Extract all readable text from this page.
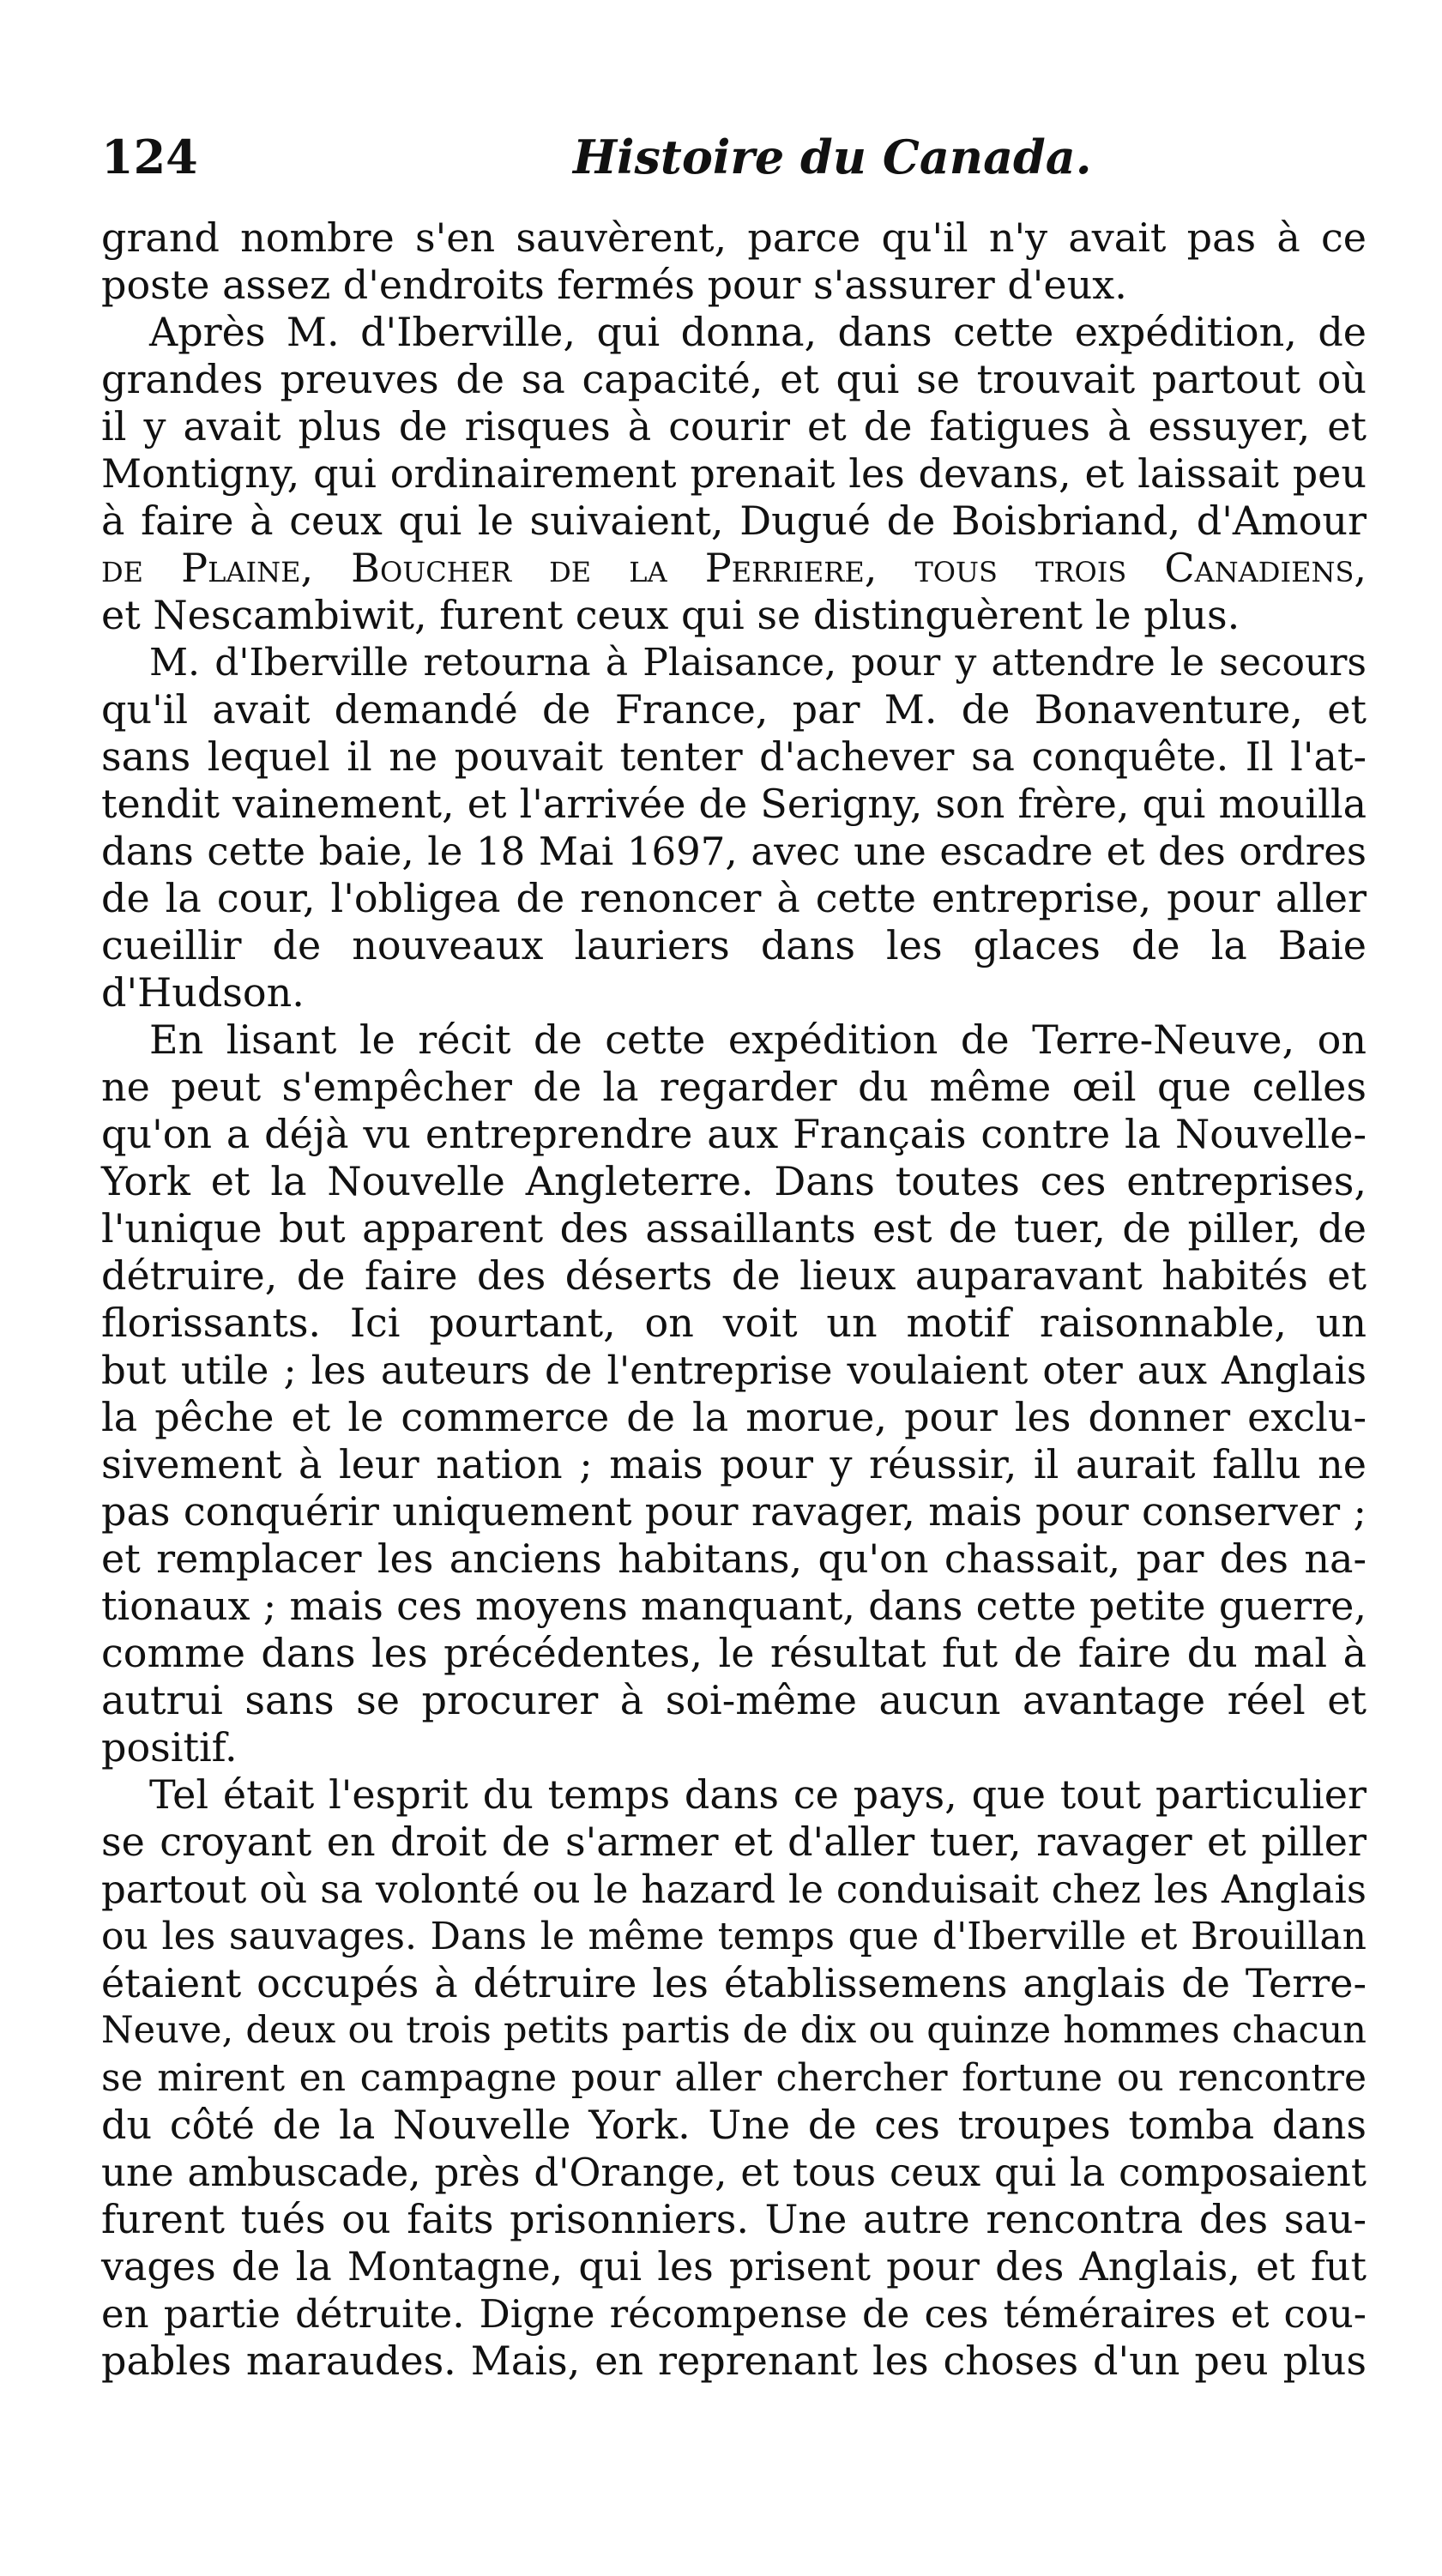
124	Histoire du Canada.
grand nombre s'en sauvèrent, parce qu'il n'y avait pas à ce
poste assez d'endroits fermés pour s'assurer d'eux.
Après M. d'Iberville, qui donna, dans cette expédition, de
grandes preuves de sa capacité, et qui se trouvait partout où
il y avait plus de risques à courir et de fatigues à essuyer, et
Montigny, qui ordinairement prenait les devans, et laissait peu
à faire à ceux qui le suivaient, Dugué de Boisbriand, d'Amour
de Plaine, Boucher de la Perriere, tous trois Canadiens,
et Nescambiwit, furent ceux qui se distinguèrent le plus.
M. d'Iberville retourna à Plaisance, pour y attendre le secours
qu'il avait demandé de France, par M. de Bonaventure, et
sans lequel il ne pouvait tenter d'achever sa conquête. Il l'at-
tendit vainement, et l'arrivée de Serigny, son frère, qui mouilla
dans cette baie, le 18 Mai 1697, avec une escadre et des ordres
de la cour, l'obligea de renoncer à cette entreprise, pour aller
cueillir de nouveaux lauriers dans les glaces de la Baie
d'Hudson.
En lisant le récit de cette expédition de Terre-Neuve, on
ne peut s'empêcher de la regarder du même œil que celles
qu'on a déjà vu entreprendre aux Français contre la Nouvelle-
York et la Nouvelle Angleterre. Dans toutes ces entreprises,
l'unique but apparent des assaillants est de tuer, de piller, de
détruire, de faire des déserts de lieux auparavant habités et
florissants. Ici pourtant, on voit un motif raisonnable, un
but utile ; les auteurs de l'entreprise voulaient oter aux Anglais
la pêche et le commerce de la morue, pour les donner exclu-
sivement à leur nation ; mais pour y réussir, il aurait fallu ne
pas conquérir uniquement pour ravager, mais pour conserver ;
et remplacer les anciens habitans, qu'on chassait, par des na-
tionaux ; mais ces moyens manquant, dans cette petite guerre,
comme dans les précédentes, le résultat fut de faire du mal à
autrui sans se procurer à soi-même aucun avantage réel et
positif.
Tel était l'esprit du temps dans ce pays, que tout particulier
se croyant en droit de s'armer et d'aller tuer, ravager et piller
partout où sa volonté ou le hazard le conduisait chez les Anglais
ou les sauvages. Dans le même temps que d'Iberville et Brouillan
étaient occupés à détruire les établissemens anglais de Terre-
Neuve, deux ou trois petits partis de dix ou quinze hommes chacun
se mirent en campagne pour aller chercher fortune ou rencontre
du côté de la Nouvelle York. Une de ces troupes tomba dans
une ambuscade, près d'Orange, et tous ceux qui la composaient
furent tués ou faits prisonniers. Une autre rencontra des sau-
vages de la Montagne, qui les prisent pour des Anglais, et fut
en partie détruite. Digne récompense de ces téméraires et cou-
pables maraudes. Mais, en reprenant les choses d'un peu plus
